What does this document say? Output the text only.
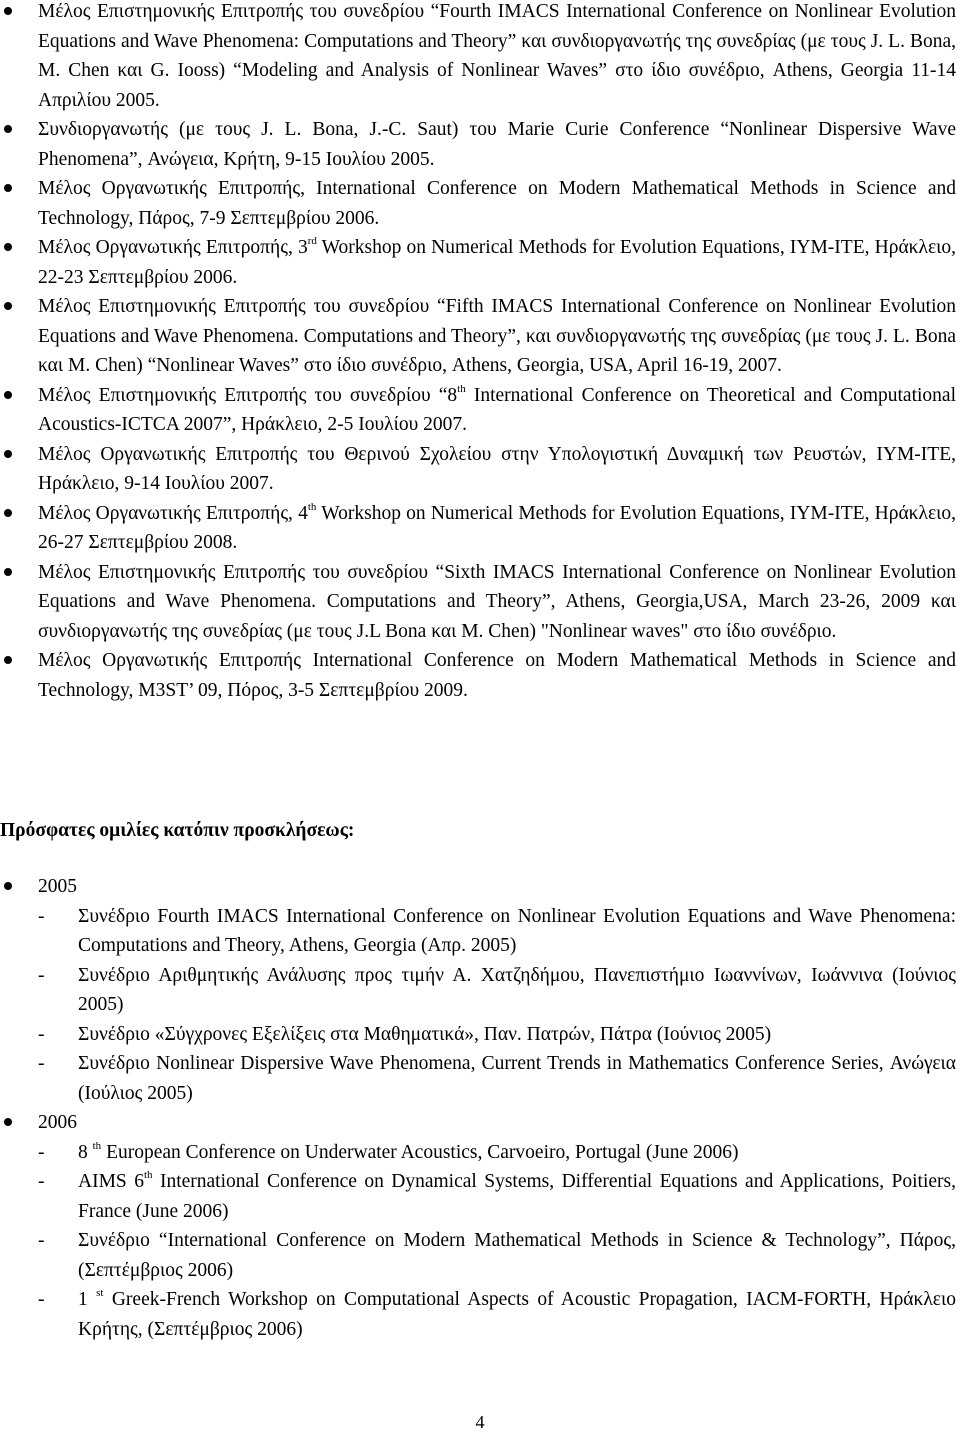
Μέλος Επιστημονικής Επιτροπής του συνεδρίου “Fourth IMACS International Conference on Nonlinear Evolution Equations and Wave Phenomena: Computations and Theory” και συνδιοργανωτής της συνεδρίας (με τους J. L. Bona, M. Chen και G. Iooss) “Modeling and Analysis of Nonlinear Waves” στο ίδιο συνέδριο, Athens, Georgia 11-14 Απριλίου 2005.
Συνδιοργανωτής (με τους J. L. Bona, J.-C. Saut) του Marie Curie Conference “Nonlinear Dispersive Wave Phenomena”, Ανώγεια, Κρήτη, 9-15 Ιουλίου 2005.
Μέλος Οργανωτικής Επιτροπής, International Conference on Modern Mathematical Methods in Science and Technology, Πάρος, 7-9 Σεπτεμβρίου 2006.
Μέλος Οργανωτικής Επιτροπής, 3rd Workshop on Numerical Methods for Evolution Equations, ΙΥΜ-ΙΤΕ, Ηράκλειο, 22-23 Σεπτεμβρίου 2006.
Μέλος Επιστημονικής Επιτροπής του συνεδρίου “Fifth IMACS International Conference on Nonlinear Evolution Equations and Wave Phenomena. Computations and Theory”, και συνδιοργανωτής της συνεδρίας (με τους J. L. Bona και M. Chen) “Nonlinear Waves” στο ίδιο συνέδριο, Athens, Georgia, USA, April 16-19, 2007.
Μέλος Επιστημονικής Επιτροπής του συνεδρίου “8th International Conference on Theoretical and Computational Acoustics-ICTCA 2007”, Ηράκλειο, 2-5 Ιουλίου 2007.
Μέλος Οργανωτικής Επιτροπής του Θερινού Σχολείου στην Υπολογιστική Δυναμική των Ρευστών, ΙΥΜ-ΙΤΕ, Ηράκλειο, 9-14 Ιουλίου 2007.
Μέλος Οργανωτικής Επιτροπής, 4th Workshop on Numerical Methods for Evolution Equations, ΙΥΜ-ΙΤΕ, Ηράκλειο, 26-27 Σεπτεμβρίου 2008.
Μέλος Επιστημονικής Επιτροπής του συνεδρίου “Sixth IMACS International Conference on Nonlinear Evolution Equations and Wave Phenomena. Computations and Theory”, Athens, Georgia,USA, March 23-26, 2009 και συνδιοργανωτής της συνεδρίας (με τους J.L Bona και M. Chen) "Nonlinear waves" στο ίδιο συνέδριο.
Μέλος Οργανωτικής Επιτροπής International Conference on Modern Mathematical Methods in Science and Technology, M3ST’ 09, Πόρος, 3-5 Σεπτεμβρίου 2009.
Πρόσφατες ομιλίες κατόπιν προσκλήσεως:
2005
- Συνέδριο Fourth IMACS International Conference on Nonlinear Evolution Equations and Wave Phenomena: Computations and Theory, Athens, Georgia (Απρ. 2005)
- Συνέδριο Αριθμητικής Ανάλυσης προς τιμήν Α. Χατζηδήμου, Πανεπιστήμιο Ιωαννίνων, Ιωάννινα (Ιούνιος 2005)
- Συνέδριο «Σύγχρονες Εξελίξεις στα Μαθηματικά», Παν. Πατρών, Πάτρα (Ιούνιος 2005)
- Συνέδριο Nonlinear Dispersive Wave Phenomena, Current Trends in Mathematics Conference Series, Ανώγεια (Ιούλιος 2005)
2006
- 8 $^{th}$ European Conference on Underwater Acoustics, Carvoeiro, Portugal (June 2006)
- AIMS 6th International Conference on Dynamical Systems, Differential Equations and Applications, Poitiers, France (June 2006)
- Συνέδριο “International Conference on Modern Mathematical Methods in Science & Technology”, Πάρος, (Σεπτέμβριος 2006)
- 1 $^{st}$ Greek-French Workshop on Computational Aspects of Acoustic Propagation, IACM-FORTH, Ηράκλειο Κρήτης, (Σεπτέμβριος 2006)
4
